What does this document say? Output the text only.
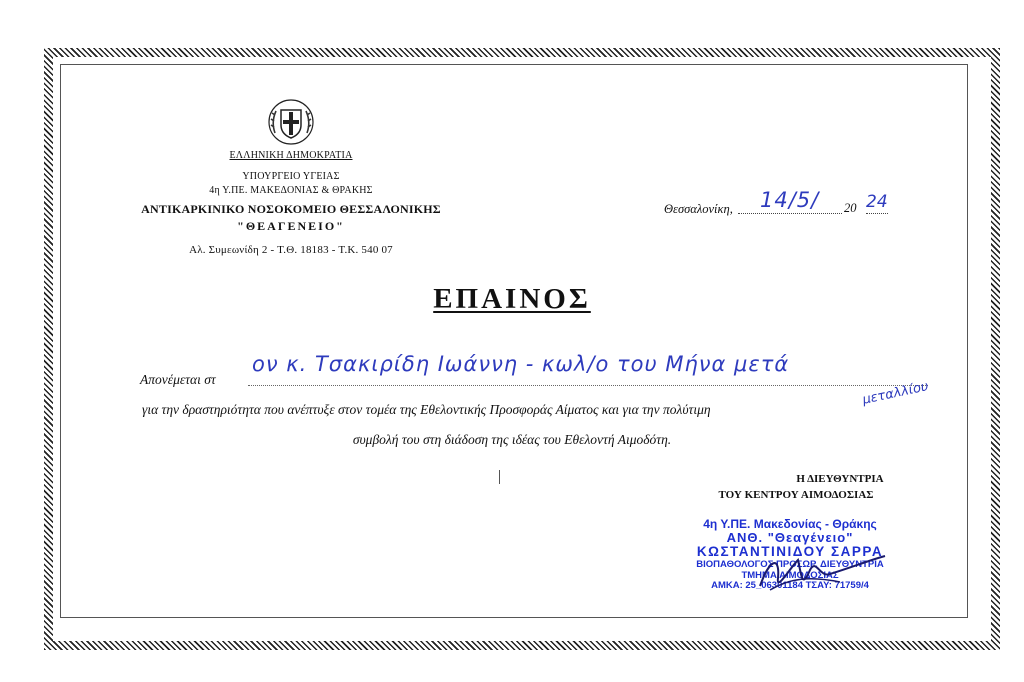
ΕΛΛΗΝΙΚΗ ΔΗΜΟΚΡΑΤΙΑ
ΥΠΟΥΡΓΕΙΟ ΥΓΕΙΑΣ
4η Υ.ΠΕ. ΜΑΚΕΔΟΝΙΑΣ & ΘΡΑΚΗΣ
ΑΝΤΙΚΑΡΚΙΝΙΚΟ ΝΟΣΟΚΟΜΕΙΟ ΘΕΣΣΑΛΟΝΙΚΗΣ
"ΘΕΑΓΕΝΕΙΟ"
Αλ. Συμεωνίδη 2 - Τ.Θ. 18183 - Τ.Κ. 540 07
Θεσσαλονίκη, 14/5/ 20 24
ΕΠΑΙΝΟΣ
Απονέμεται στ
ον κ. Τσακιρίδη Ιωάννη - κωλ/ο του Μήνα μετά
μεταλλίου
για την δραστηριότητα που ανέπτυξε στον τομέα της Εθελοντικής Προσφοράς Αίματος και για την πολύτιμη
συμβολή του στη διάδοση της ιδέας του Εθελοντή Αιμοδότη.
Η ΔΙΕΥΘΥΝΤΡΙΑ
ΤΟΥ ΚΕΝΤΡΟΥ ΑΙΜΟΔΟΣΙΑΣ
4η Υ.ΠΕ. Μακεδονίας - Θράκης
ΑΝΘ. "Θεαγένειο"
ΚΩΣΤΑΝΤΙΝΙΔΟΥ ΣΑΡΡΑ
ΒΙΟΠΑΘΟΛΟΓΟΣ ΠΡΟΣΩΡ. ΔΙΕΥΘΥΝΤΡΙΑ
ΤΜΗΜΑ ΑΙΜΟΔΟΣΙΑΣ
ΑΜΚΑ: 25_06301184 ΤΣΑΥ: 71759/4
